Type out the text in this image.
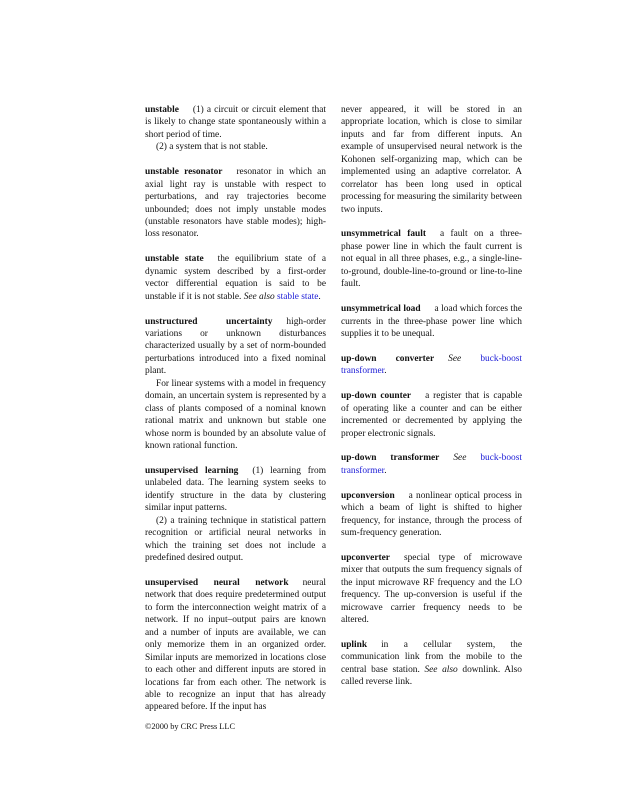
unstable (1) a circuit or circuit element that is likely to change state spontaneously within a short period of time.

(2) a system that is not stable.

unstable resonator resonator in which an axial light ray is unstable with respect to perturbations, and ray trajectories become unbounded; does not imply unstable modes (unstable resonators have stable modes); high-loss resonator.

unstable state the equilibrium state of a dynamic system described by a first-order vector differential equation is said to be unstable if it is not stable. See also stable state.

unstructured uncertainty high-order variations or unknown disturbances characterized usually by a set of norm-bounded perturbations introduced into a fixed nominal plant.

For linear systems with a model in frequency domain, an uncertain system is represented by a class of plants composed of a nominal known rational matrix and unknown but stable one whose norm is bounded by an absolute value of known rational function.

unsupervised learning (1) learning from unlabeled data. The learning system seeks to identify structure in the data by clustering similar input patterns.

(2) a training technique in statistical pattern recognition or artificial neural networks in which the training set does not include a predefined desired output.

unsupervised neural network neural network that does require predetermined output to form the interconnection weight matrix of a network. If no input–output pairs are known and a number of inputs are available, we can only memorize them in an organized order. Similar inputs are memorized in locations close to each other and different inputs are stored in locations far from each other. The network is able to recognize an input that has already appeared before. If the input has

never appeared, it will be stored in an appropriate location, which is close to similar inputs and far from different inputs. An example of unsupervised neural network is the Kohonen self-organizing map, which can be implemented using an adaptive correlator. A correlator has been long used in optical processing for measuring the similarity between two inputs.

unsymmetrical fault a fault on a three-phase power line in which the fault current is not equal in all three phases, e.g., a single-line-to-ground, double-line-to-ground or line-to-line fault.

unsymmetrical load a load which forces the currents in the three-phase power line which supplies it to be unequal.

up-down converter See buck-boost transformer.

up-down counter a register that is capable of operating like a counter and can be either incremented or decremented by applying the proper electronic signals.

up-down transformer See buck-boost transformer.

upconversion a nonlinear optical process in which a beam of light is shifted to higher frequency, for instance, through the process of sum-frequency generation.

upconverter special type of microwave mixer that outputs the sum frequency signals of the input microwave RF frequency and the LO frequency. The up-conversion is useful if the microwave carrier frequency needs to be altered.

uplink in a cellular system, the communication link from the mobile to the central base station. See also downlink. Also called reverse link.

©2000 by CRC Press LLC
